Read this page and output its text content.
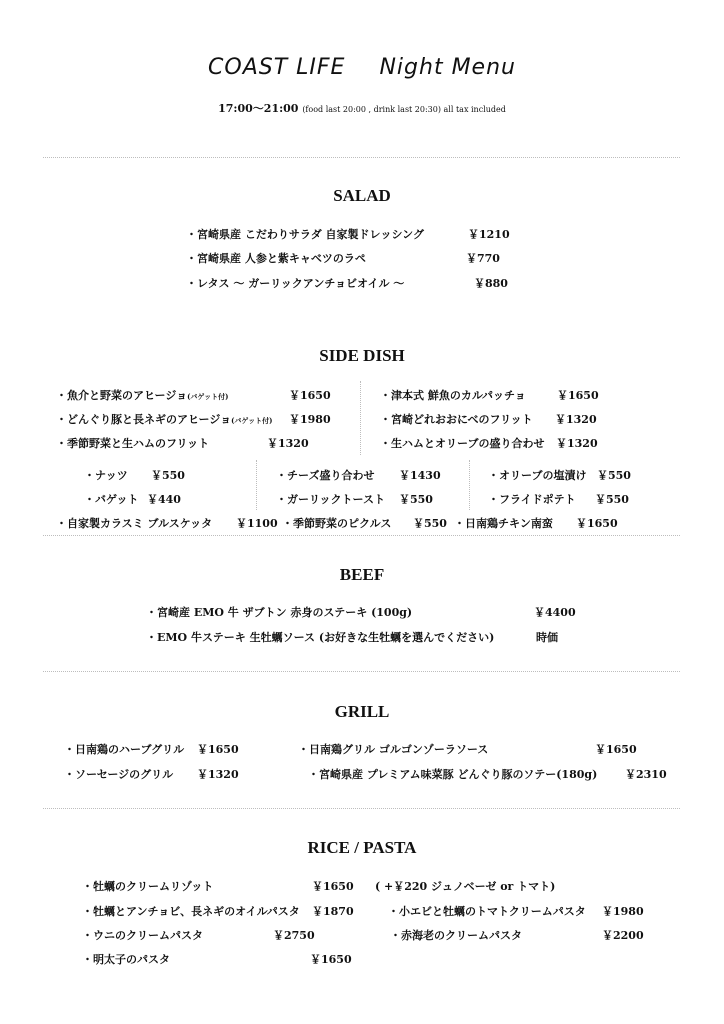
COAST LIFE Night Menu
17:00～21:00 (food last 20:00 , drink last 20:30) all tax included
SALAD
・宮崎県産 こだわりサラダ 自家製ドレッシング	￥1210
・宮崎県産 人参と紫キャベツのラペ	￥770
・レタス ～ ガーリックアンチョビオイル ～	￥880
SIDE DISH
・魚介と野菜のアヒージョ(バゲット付)	￥1650
・どんぐり豚と長ネギのアヒージョ(バゲット付) ￥1980
・季節野菜と生ハムのフリット	￥1320
・津本式 鮮魚のカルパッチョ	￥1650
・宮崎どれおおにべのフリット ￥1320
・生ハムとオリーブの盛り合わせ ￥1320
・ナッツ ￥550
・バゲット ￥440
・チーズ盛り合わせ ￥1430
・ガーリックトースト ￥550
・オリーブの塩漬け ￥550
・フライドポテト ￥550
・自家製カラスミ ブルスケッタ ￥1100 ・季節野菜のピクルス ￥550 ・日南鶏チキン南蛮 ￥1650
BEEF
・宮崎産 EMO 牛 ザブトン 赤身のステーキ (100g)	￥4400
・EMO 牛ステーキ 生牡蠣ソース (お好きな生牡蠣を選んでください)	時価
GRILL
・日南鶏のハーブグリル ￥1650
・ソーセージのグリル ￥1320
・日南鶏グリル ゴルゴンゾーラソース	￥1650
・宮崎県産 プレミアム味菜豚 どんぐり豚のソテー(180g)	￥2310
RICE / PASTA
・牡蠣のクリームリゾット	￥1650 ( +￥220 ジュノベーゼ or トマト)
・牡蠣とアンチョビ、長ネギのオイルパスタ ￥1870
・ウニのクリームパスタ	￥2750
・明太子のパスタ	￥1650
・小エビと牡蠣のトマトクリームパスタ ￥1980
・赤海老のクリームパスタ	￥2200
